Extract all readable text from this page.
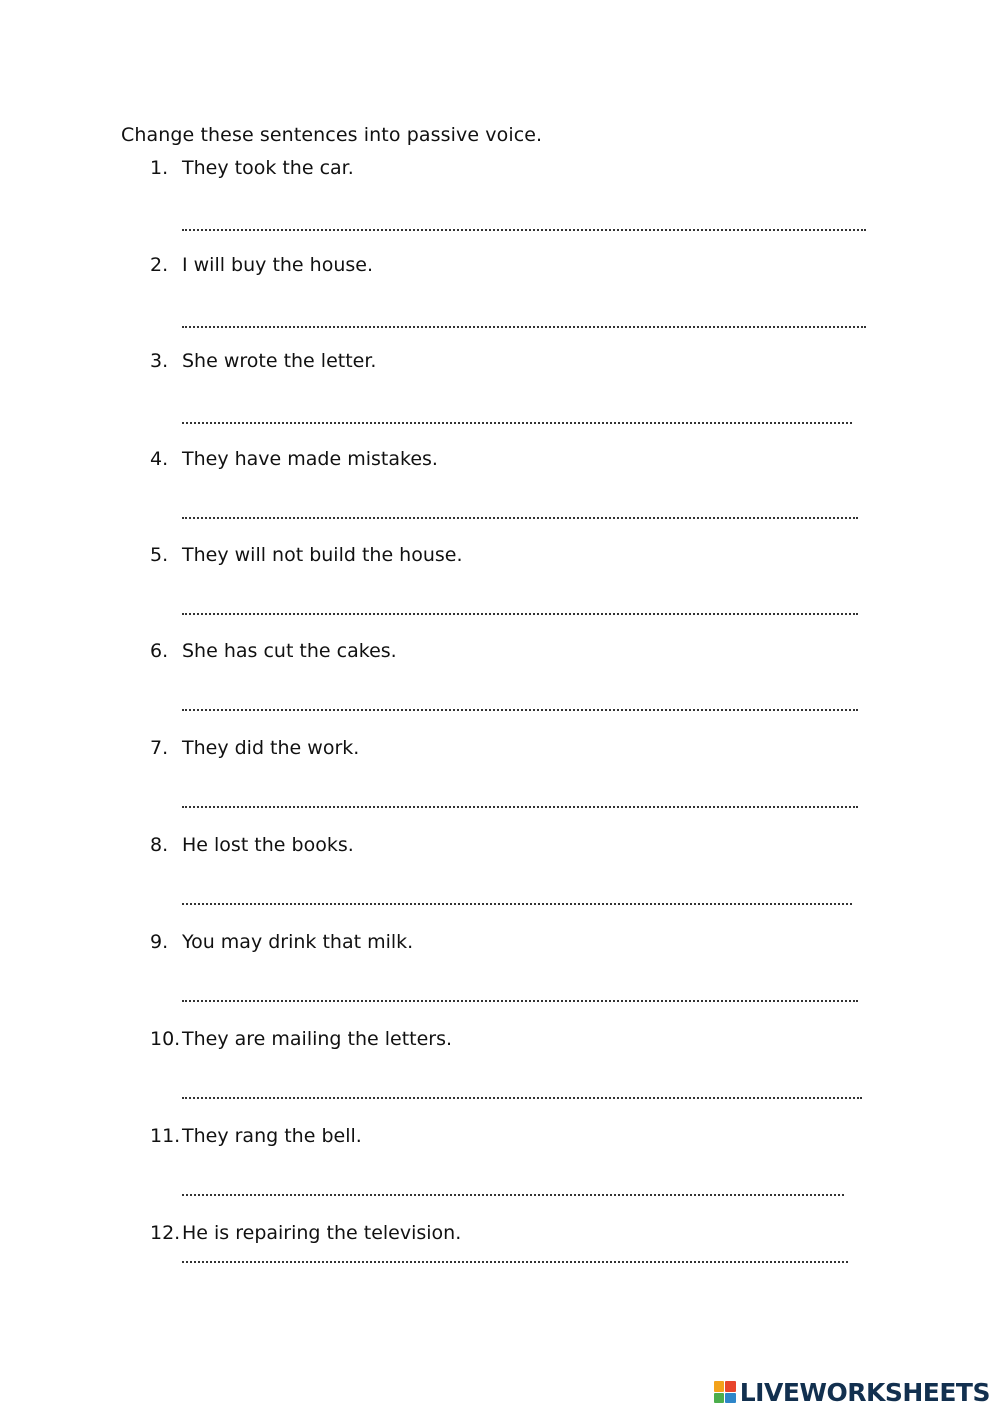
Change these sentences into passive voice.
1. They took the car.
2. I will buy the house.
3. She wrote the letter.
4. They have made mistakes.
5. They will not build the house.
6. She has cut the cakes.
7. They did the work.
8. He lost the books.
9. You may drink that milk.
10. They are mailing the letters.
11. They rang the bell.
12. He is repairing the television.
LIVEWORKSHEETS
